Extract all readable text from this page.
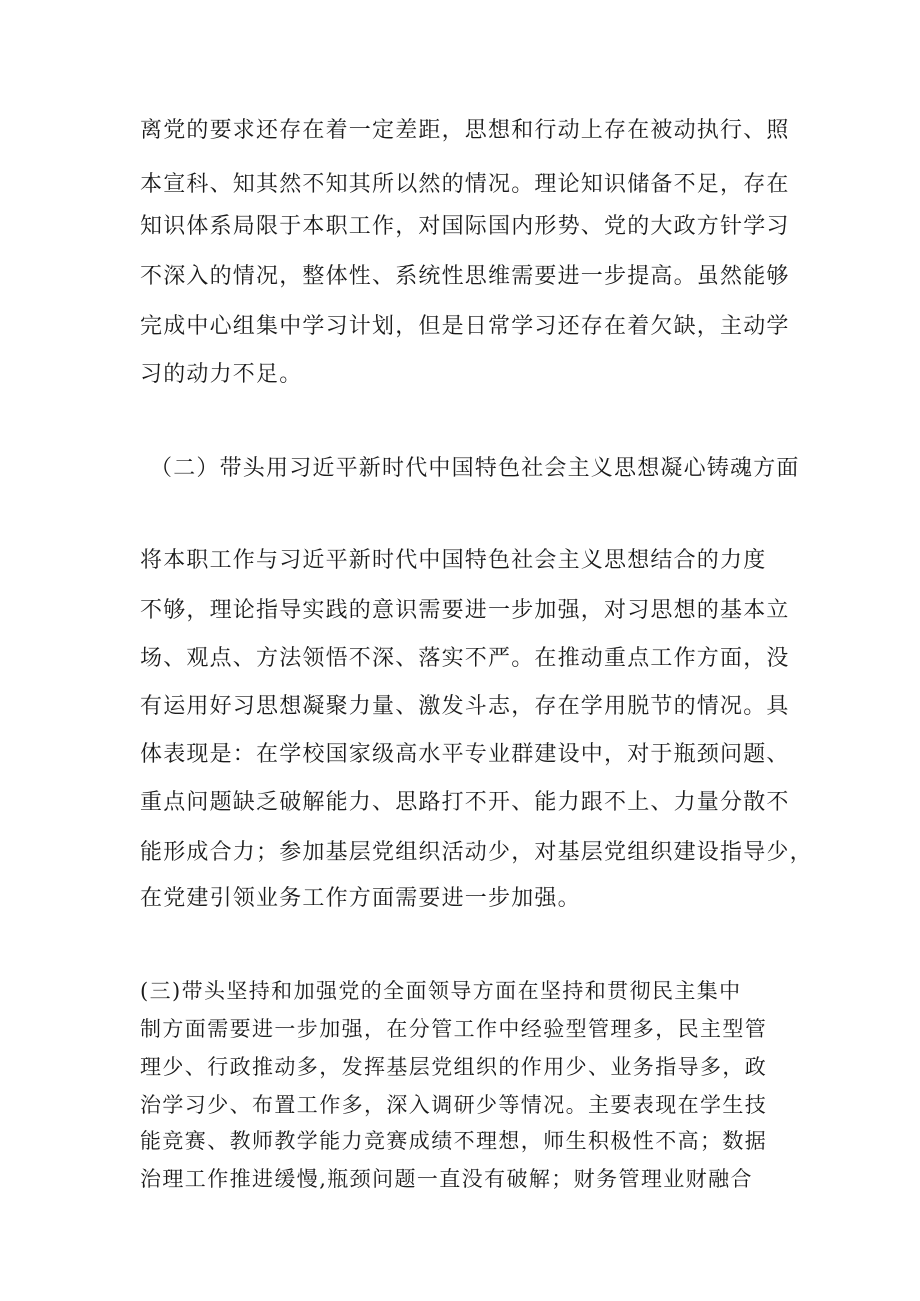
离党的要求还存在着一定差距，思想和行动上存在被动执行、照
本宣科、知其然不知其所以然的情况。理论知识储备不足，存在
知识体系局限于本职工作，对国际国内形势、党的大政方针学习
不深入的情况，整体性、系统性思维需要进一步提高。虽然能够
完成中心组集中学习计划，但是日常学习还存在着欠缺，主动学
习的动力不足。
（二）带头用习近平新时代中国特色社会主义思想凝心铸魂方面
将本职工作与习近平新时代中国特色社会主义思想结合的力度
不够，理论指导实践的意识需要进一步加强，对习思想的基本立
场、观点、方法领悟不深、落实不严。在推动重点工作方面，没
有运用好习思想凝聚力量、激发斗志，存在学用脱节的情况。具
体表现是：在学校国家级高水平专业群建设中，对于瓶颈问题、
重点问题缺乏破解能力、思路打不开、能力跟不上、力量分散不
能形成合力；参加基层党组织活动少，对基层党组织建设指导少，
在党建引领业务工作方面需要进一步加强。
(三)带头坚持和加强党的全面领导方面在坚持和贯彻民主集中
制方面需要进一步加强，在分管工作中经验型管理多，民主型管
理少、行政推动多，发挥基层党组织的作用少、业务指导多，政
治学习少、布置工作多，深入调研少等情况。主要表现在学生技
能竞赛、教师教学能力竞赛成绩不理想，师生积极性不高；数据
治理工作推进缓慢,瓶颈问题一直没有破解；财务管理业财融合
